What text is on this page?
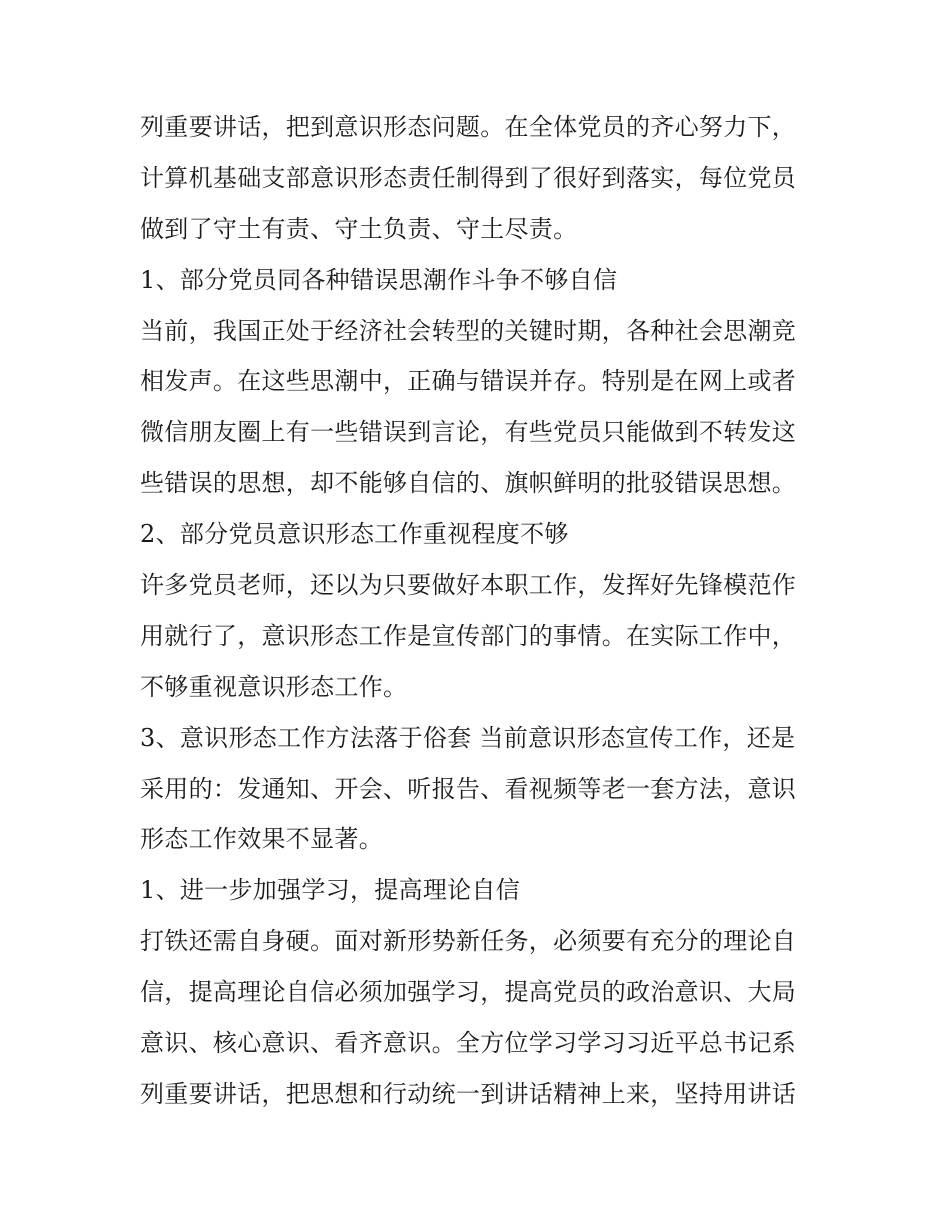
列重要讲话，把到意识形态问题。在全体党员的齐心努力下，
计算机基础支部意识形态责任制得到了很好到落实，每位党员
做到了守土有责、守土负责、守土尽责。
1、部分党员同各种错误思潮作斗争不够自信
当前，我国正处于经济社会转型的关键时期，各种社会思潮竞
相发声。在这些思潮中，正确与错误并存。特别是在网上或者
微信朋友圈上有一些错误到言论，有些党员只能做到不转发这
些错误的思想，却不能够自信的、旗帜鲜明的批驳错误思想。
2、部分党员意识形态工作重视程度不够
许多党员老师，还以为只要做好本职工作，发挥好先锋模范作
用就行了，意识形态工作是宣传部门的事情。在实际工作中，
不够重视意识形态工作。
3、意识形态工作方法落于俗套 当前意识形态宣传工作，还是
采用的：发通知、开会、听报告、看视频等老一套方法，意识
形态工作效果不显著。
1、进一步加强学习，提高理论自信
打铁还需自身硬。面对新形势新任务，必须要有充分的理论自
信，提高理论自信必须加强学习，提高党员的政治意识、大局
意识、核心意识、看齐意识。全方位学习学习习近平总书记系
列重要讲话，把思想和行动统一到讲话精神上来，坚持用讲话
